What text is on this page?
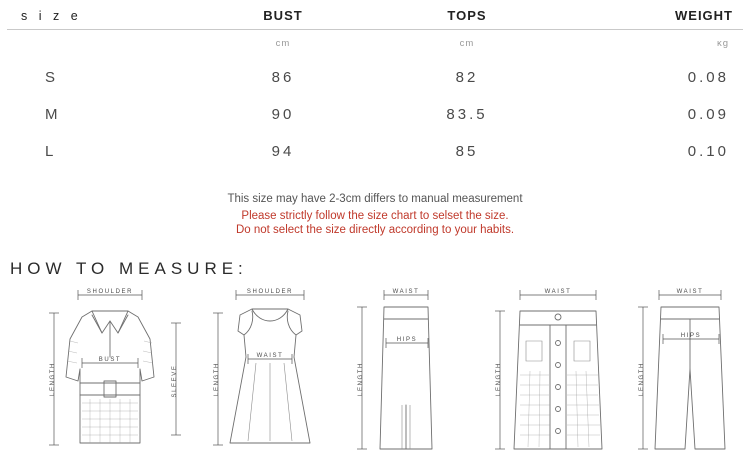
s i z e	BUST	TOPS	WEIGHT
	cm	cm	ĸg
S	86	82	0.08
M	90	83.5	0.09
L	94	85	0.10
This size may have 2-3cm differs to manual measurement
Please strictly follow the size chart to selset the size.
Do not select the size directly according to your habits.
HOW TO MEASURE:
SHOULDER
LENGTH	SLEEVE
BUST
SHOULDER
LENGTH
WAIST
WAIST
LENGTH
HIPS
WAIST
LENGTH
WAIST
LENGTH
HIPS
